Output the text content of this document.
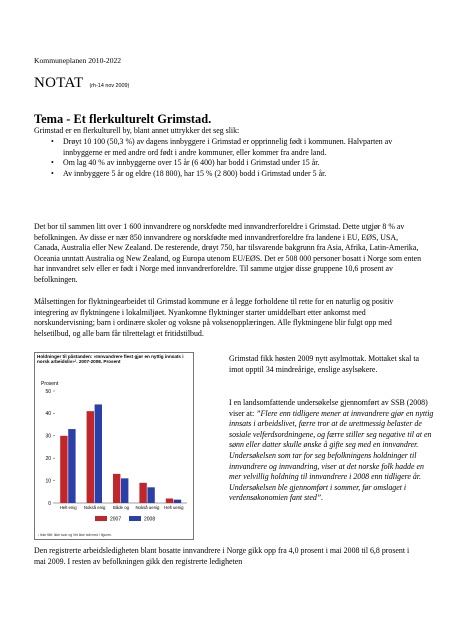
Kommuneplanen 2010-2022
NOTAT (rh-14 nov 2009)
Tema - Et flerkulturelt Grimstad.
Grimstad er en flerkulturell by, blant annet uttrykker det seg slik:
• Drøyt 10 100 (50,3 %) av dagens innbyggere i Grimstad er opprinnelig født i kommunen. Halvparten av innbyggerne er med andre ord født i andre kommuner, eller kommer fra andre land.
• Om lag 40 % av innbyggerne over 15 år (6 400) har bodd i Grimstad under 15 år.
• Av innbyggere 5 år og eldre (18 800), har 15 % (2 800) bodd i Grimstad under 5 år.
Det bor til sammen litt over 1 600 innvandrere og norskfødte med innvandrerforeldre i Grimstad. Dette utgjør 8 % av befolkningen. Av disse er nær 850 innvandrere og norskfødte med innvandrerforeldre fra landene i EU, EØS, USA, Canada, Australia eller New Zealand. De resterende, drøyt 750, har tilsvarende bakgrunn fra Asia, Afrika, Latin-Amerika, Oceania unntatt Australia og New Zealand, og Europa utenom EU/EØS. Det er 508 000 personer bosatt i Norge som enten har innvandret selv eller er født i Norge med innvandrerforeldre. Til samme utgjør disse gruppene 10,6 prosent av befolkningen.
Målsettingen for flyktningearbeidet til Grimstad kommune er å legge forholdene til rette for en naturlig og positiv integrering av flyktningene i lokalmiljøet. Nyankomne flyktninger starter umiddelbart etter ankomst med norskundervisning; barn i ordinære skoler og voksne på voksenopplæringen. Alle flyktningene blir fulgt opp med helsetilbud, og alle barn får tilrettelagt et fritidstilbud.
Holdninger til påstanden: «Innvandrere flest gjør en nyttig innsats i norsk arbeidsliv»¹. 2007-2008. Prosent
Prosent
0
10
20
30
40
50
Helt enig Nokså enig Både og Nokså uenig Helt uenig
2007	2008
¹ Ikke fått: Ikke svar og Vet ikke tatt med i figuren.
Grimstad fikk høsten 2009 nytt asylmottak. Mottaket skal ta imot opptil 34 mindreårige, enslige asylsøkere.
I en landsomfattende undersøkelse gjennomført av SSB (2008) viser at: ”Flere enn tidligere mener at innvandrere gjør en nyttig innsats i arbeidslivet, færre tror at de urettmessig belaster de sosiale velferdsordningene, og færre stiller seg negative til at en sønn eller datter skulle ønske å gifte seg med en innvandrer. Undersøkelsen som tar for seg befolkningens holdninger til innvandrere og innvandring, viser at det norske folk hadde en mer velvillig holdning til innvandrere i 2008 enn tidligere år. Undersøkelsen ble gjennomført i sommer, før omslaget i verdensøkonomien fant sted”.
Den registrerte arbeidsledigheten blant bosatte innvandrere i Norge gikk opp fra 4,0 prosent i mai 2008 til 6,8 prosent i mai 2009. I resten av befolkningen gikk den registrerte ledigheten
